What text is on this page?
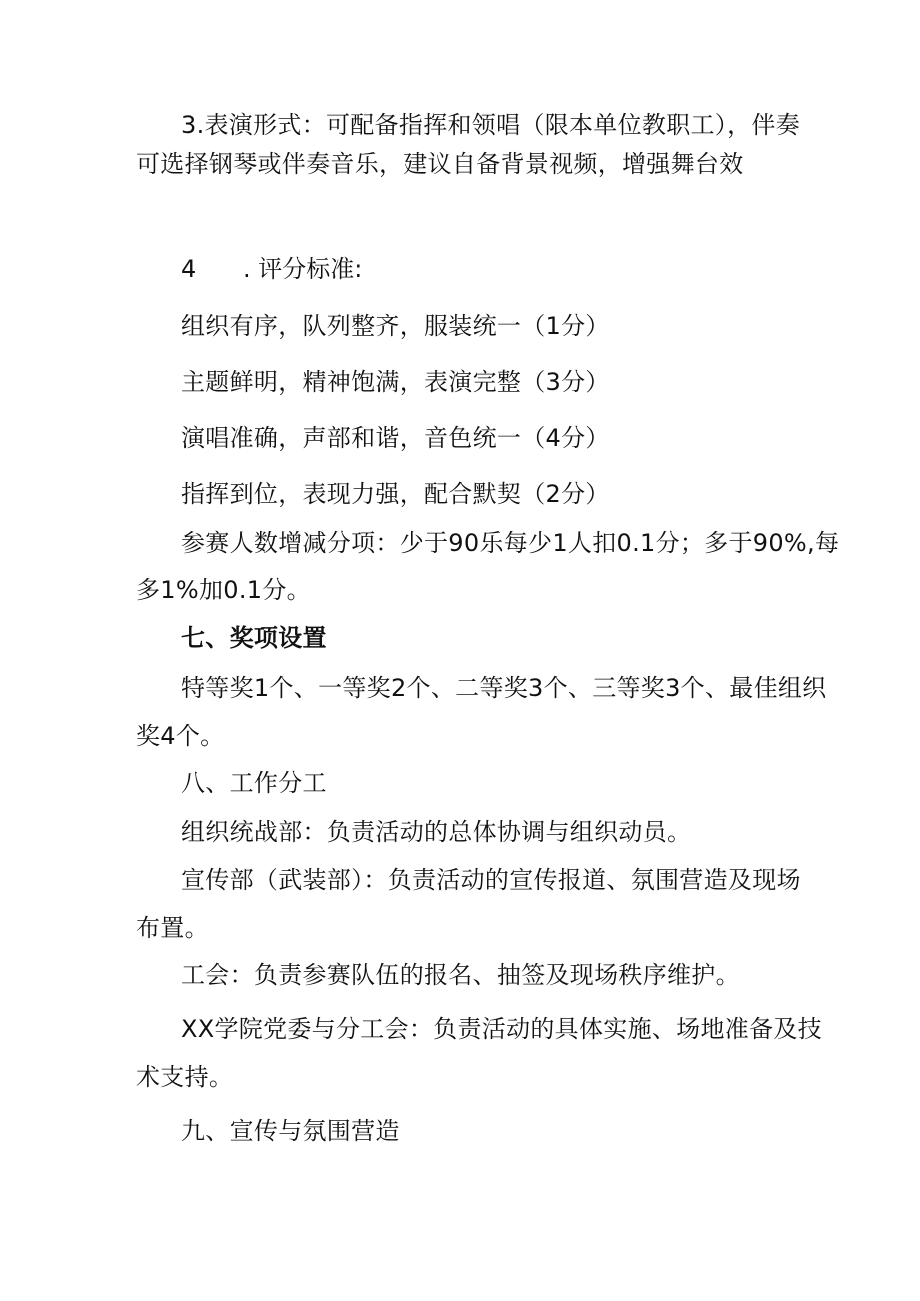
3.表演形式：可配备指挥和领唱（限本单位教职工），伴奏
可选择钢琴或伴奏音乐，建议自备背景视频，增强舞台效
4 . 评分标准:
组织有序，队列整齐，服装统一（1分）
主题鲜明，精神饱满，表演完整（3分）
演唱准确，声部和谐，音色统一（4分）
指挥到位，表现力强，配合默契（2分）
参赛人数增减分项：少于90乐每少1人扣0.1分；多于90%,每
多1%加0.1分。
七、奖项设置
特等奖1个、一等奖2个、二等奖3个、三等奖3个、最佳组织
奖4个。
八、工作分工
组织统战部：负责活动的总体协调与组织动员。
宣传部（武装部）：负责活动的宣传报道、氛围营造及现场
布置。
工会：负责参赛队伍的报名、抽签及现场秩序维护。
XX学院党委与分工会：负责活动的具体实施、场地准备及技
术支持。
九、宣传与氛围营造
